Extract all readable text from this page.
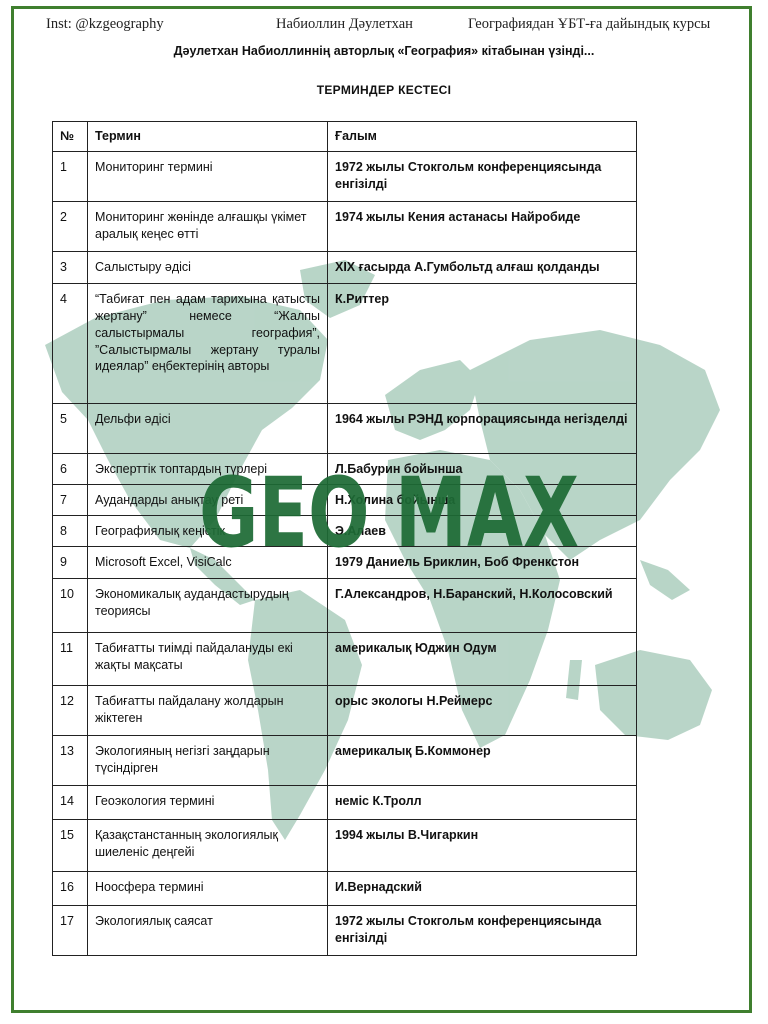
Inst: @kzgeography	Набиоллин Дәулетхан	Географиядан ҰБТ-ға дайындық курсы
Дәулетхан Набиоллиннің авторлық «География» кітабынан үзінді...
ТЕРМИНДЕР КЕСТЕСІ
№	Термин	Ғалым
1	Мониторинг термині	1972 жылы Стокгольм конференциясында енгізілді
2	Мониторинг жөнінде алғашқы үкімет аралық кеңес өтті	1974 жылы Кения астанасы Найробиде
3	Салыстыру әдісі	XIX ғасырда А.Гумбольтд алғаш қолданды
4	“Табиғат пен адам тарихына қатысты жертану” немесе “Жалпы салыстырмалы география”, ”Салыстырмалы жертану туралы идеялар” еңбектерінің авторы	К.Риттер
5	Дельфи әдісі	1964 жылы РЭНД корпорациясында негізделді
6	Эксперттік топтардың түрлері	Л.Бабурин бойынша
7	Аудандарды анықтау реті	Н.Холина бойынша
8	Географиялық кеңістік	Э.Алаев
9	Microsoft Excel, VisiCalc	1979 Даниель Бриклин, Боб Френкстон
10	Экономикалық аудандастырудың теориясы	Г.Александров, Н.Баранский, Н.Колосовский
11	Табиғатты тиімді пайдалануды екі жақты мақсаты	америкалық Юджин Одум
12	Табиғатты пайдалану жолдарын жіктеген	орыс экологы Н.Реймерс
13	Экологияның негізгі заңдарын түсіндірген	америкалық Б.Коммонер
14	Геоэкология термині	неміс К.Тролл
15	Қазақстанстанның экологиялық шиеленіс деңгейі	1994 жылы В.Чигаркин
16	Ноосфера термині	И.Вернадский
17	Экологиялық саясат	1972 жылы Стокгольм конференциясында енгізілді
GEO MAX
